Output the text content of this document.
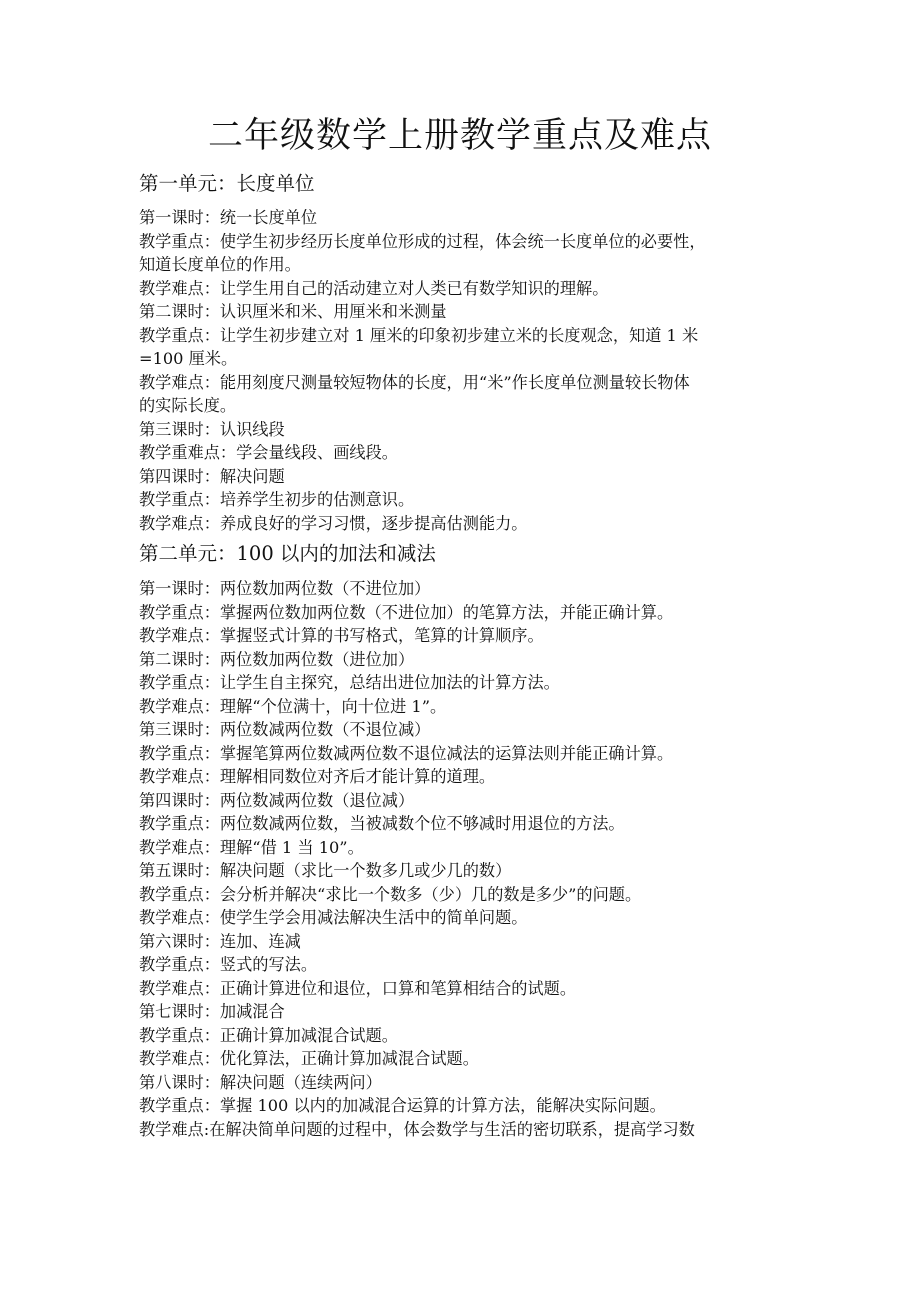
二年级数学上册教学重点及难点
第一单元：长度单位

第一课时：统一长度单位

教学重点：使学生初步经历长度单位形成的过程，体会统一长度单位的必要性，

知道长度单位的作用。

教学难点：让学生用自己的活动建立对人类已有数学知识的理解。

第二课时：认识厘米和米、用厘米和米测量

教学重点：让学生初步建立对 1 厘米的印象初步建立米的长度观念，知道 1 米

=100 厘米。

教学难点：能用刻度尺测量较短物体的长度，用“米”作长度单位测量较长物体

的实际长度。

第三课时：认识线段

教学重难点：学会量线段、画线段。

第四课时：解决问题

教学重点：培养学生初步的估测意识。

教学难点：养成良好的学习习惯，逐步提高估测能力。

第二单元：100 以内的加法和减法

第一课时：两位数加两位数（不进位加）

教学重点：掌握两位数加两位数（不进位加）的笔算方法，并能正确计算。

教学难点：掌握竖式计算的书写格式，笔算的计算顺序。

第二课时：两位数加两位数（进位加）

教学重点：让学生自主探究，总结出进位加法的计算方法。

教学难点：理解“个位满十，向十位进 1”。

第三课时：两位数减两位数（不退位减）

教学重点：掌握笔算两位数减两位数不退位减法的运算法则并能正确计算。

教学难点：理解相同数位对齐后才能计算的道理。

第四课时：两位数减两位数（退位减）

教学重点：两位数减两位数，当被减数个位不够减时用退位的方法。

教学难点：理解“借 1 当 10”。

第五课时：解决问题（求比一个数多几或少几的数）

教学重点：会分析并解决“求比一个数多（少）几的数是多少”的问题。

教学难点：使学生学会用减法解决生活中的简单问题。

第六课时：连加、连减

教学重点：竖式的写法。

教学难点：正确计算进位和退位，口算和笔算相结合的试题。

第七课时：加减混合

教学重点：正确计算加减混合试题。

教学难点：优化算法，正确计算加减混合试题。

第八课时：解决问题（连续两问）

教学重点：掌握 100 以内的加减混合运算的计算方法，能解决实际问题。

教学难点:在解决简单问题的过程中，体会数学与生活的密切联系，提高学习数
